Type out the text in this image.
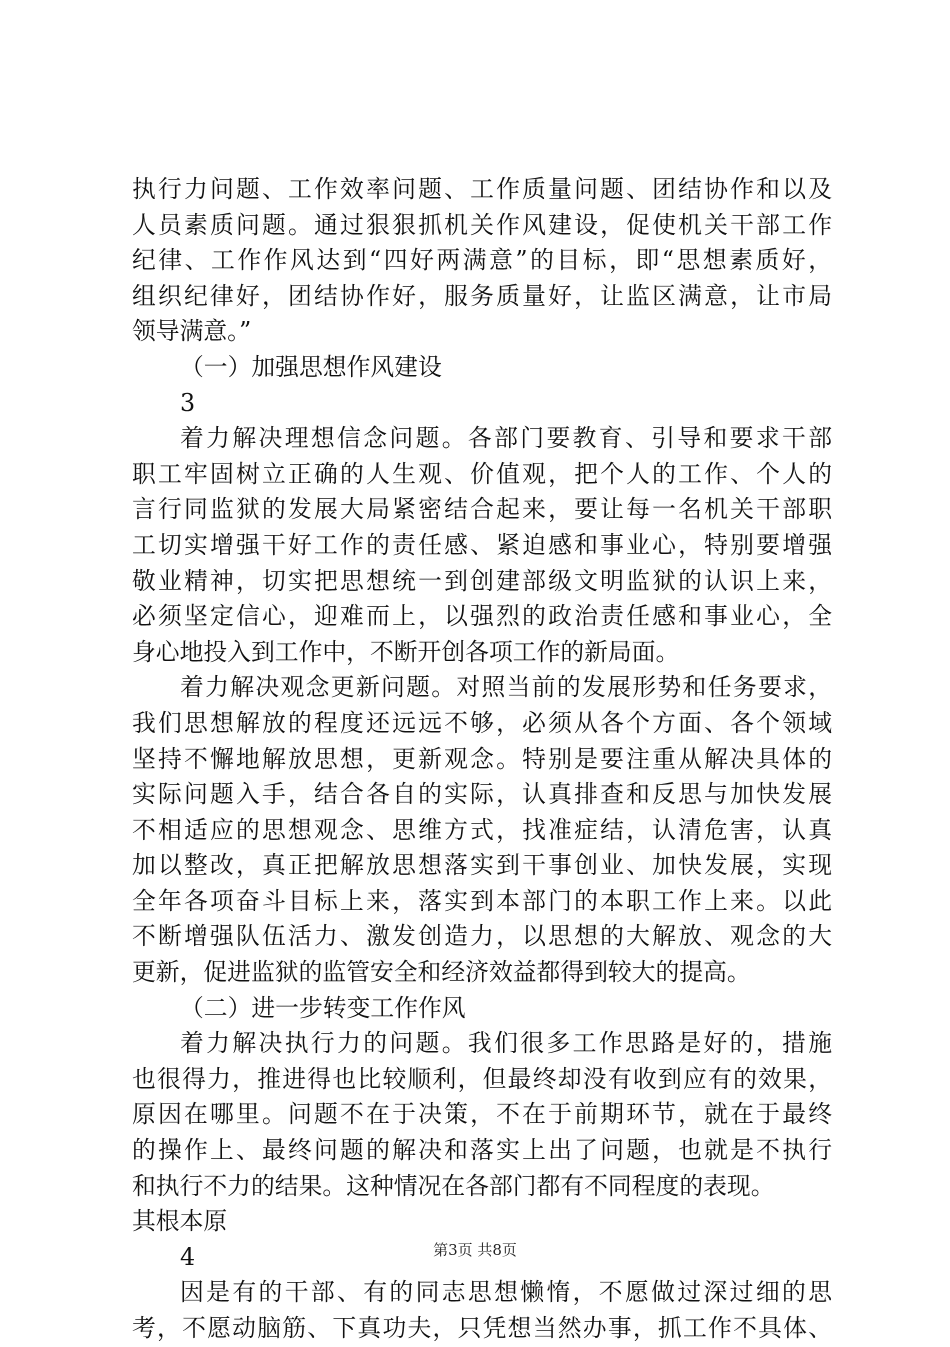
执行力问题、工作效率问题、工作质量问题、团结协作和以及
人员素质问题。通过狠狠抓机关作风建设，促使机关干部工作
纪律、工作作风达到“四好两满意”的目标，即“思想素质好，
组织纪律好，团结协作好，服务质量好，让监区满意，让市局
领导满意。”
（一）加强思想作风建设
3
着力解决理想信念问题。各部门要教育、引导和要求干部
职工牢固树立正确的人生观、价值观，把个人的工作、个人的
言行同监狱的发展大局紧密结合起来，要让每一名机关干部职
工切实增强干好工作的责任感、紧迫感和事业心，特别要增强
敬业精神，切实把思想统一到创建部级文明监狱的认识上来，
必须坚定信心，迎难而上，以强烈的政治责任感和事业心，全
身心地投入到工作中，不断开创各项工作的新局面。
着力解决观念更新问题。对照当前的发展形势和任务要求，
我们思想解放的程度还远远不够，必须从各个方面、各个领域
坚持不懈地解放思想，更新观念。特别是要注重从解决具体的
实际问题入手，结合各自的实际，认真排查和反思与加快发展
不相适应的思想观念、思维方式，找准症结，认清危害，认真
加以整改，真正把解放思想落实到干事创业、加快发展，实现
全年各项奋斗目标上来，落实到本部门的本职工作上来。以此
不断增强队伍活力、激发创造力，以思想的大解放、观念的大
更新，促进监狱的监管安全和经济效益都得到较大的提高。
（二）进一步转变工作作风
着力解决执行力的问题。我们很多工作思路是好的，措施
也很得力，推进得也比较顺利，但最终却没有收到应有的效果，
原因在哪里。问题不在于决策，不在于前期环节，就在于最终
的操作上、最终问题的解决和落实上出了问题，也就是不执行
和执行不力的结果。这种情况在各部门都有不同程度的表现。
其根本原
4
因是有的干部、有的同志思想懒惰，不愿做过深过细的思
考，不愿动脑筋、下真功夫，只凭想当然办事，抓工作不具体、
第3页 共8页
